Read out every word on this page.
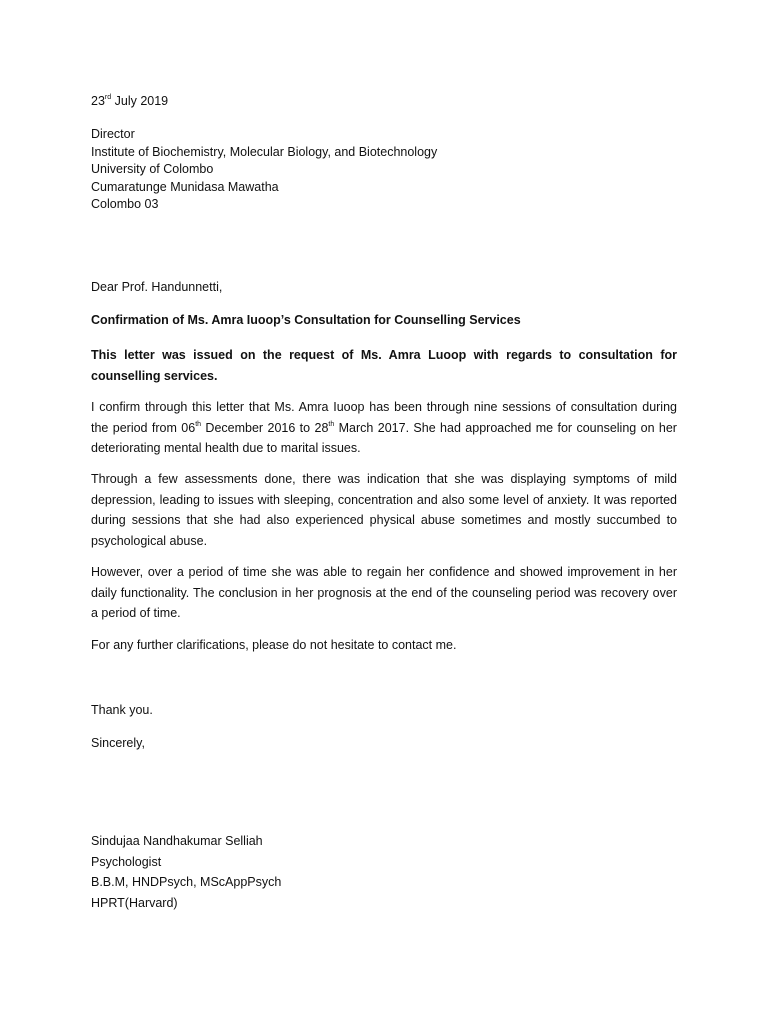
23rd July 2019
Director
Institute of Biochemistry, Molecular Biology, and Biotechnology
University of Colombo
Cumaratunge Munidasa Mawatha
Colombo 03
Dear Prof. Handunnetti,
Confirmation of Ms. Amra Iuoop’s Consultation for Counselling Services
This letter was issued on the request of Ms. Amra Luoop with regards to consultation for counselling services.
I confirm through this letter that Ms. Amra Iuoop has been through nine sessions of consultation during the period from 06th December 2016 to 28th March 2017. She had approached me for counseling on her deteriorating mental health due to marital issues.
Through a few assessments done, there was indication that she was displaying symptoms of mild depression, leading to issues with sleeping, concentration and also some level of anxiety. It was reported during sessions that she had also experienced physical abuse sometimes and mostly succumbed to psychological abuse.
However, over a period of time she was able to regain her confidence and showed improvement in her daily functionality. The conclusion in her prognosis at the end of the counseling period was recovery over a period of time.
For any further clarifications, please do not hesitate to contact me.
Thank you.
Sincerely,
Sindujaa Nandhakumar Selliah
Psychologist
B.B.M, HNDPsych, MScAppPsych
HPRT(Harvard)
